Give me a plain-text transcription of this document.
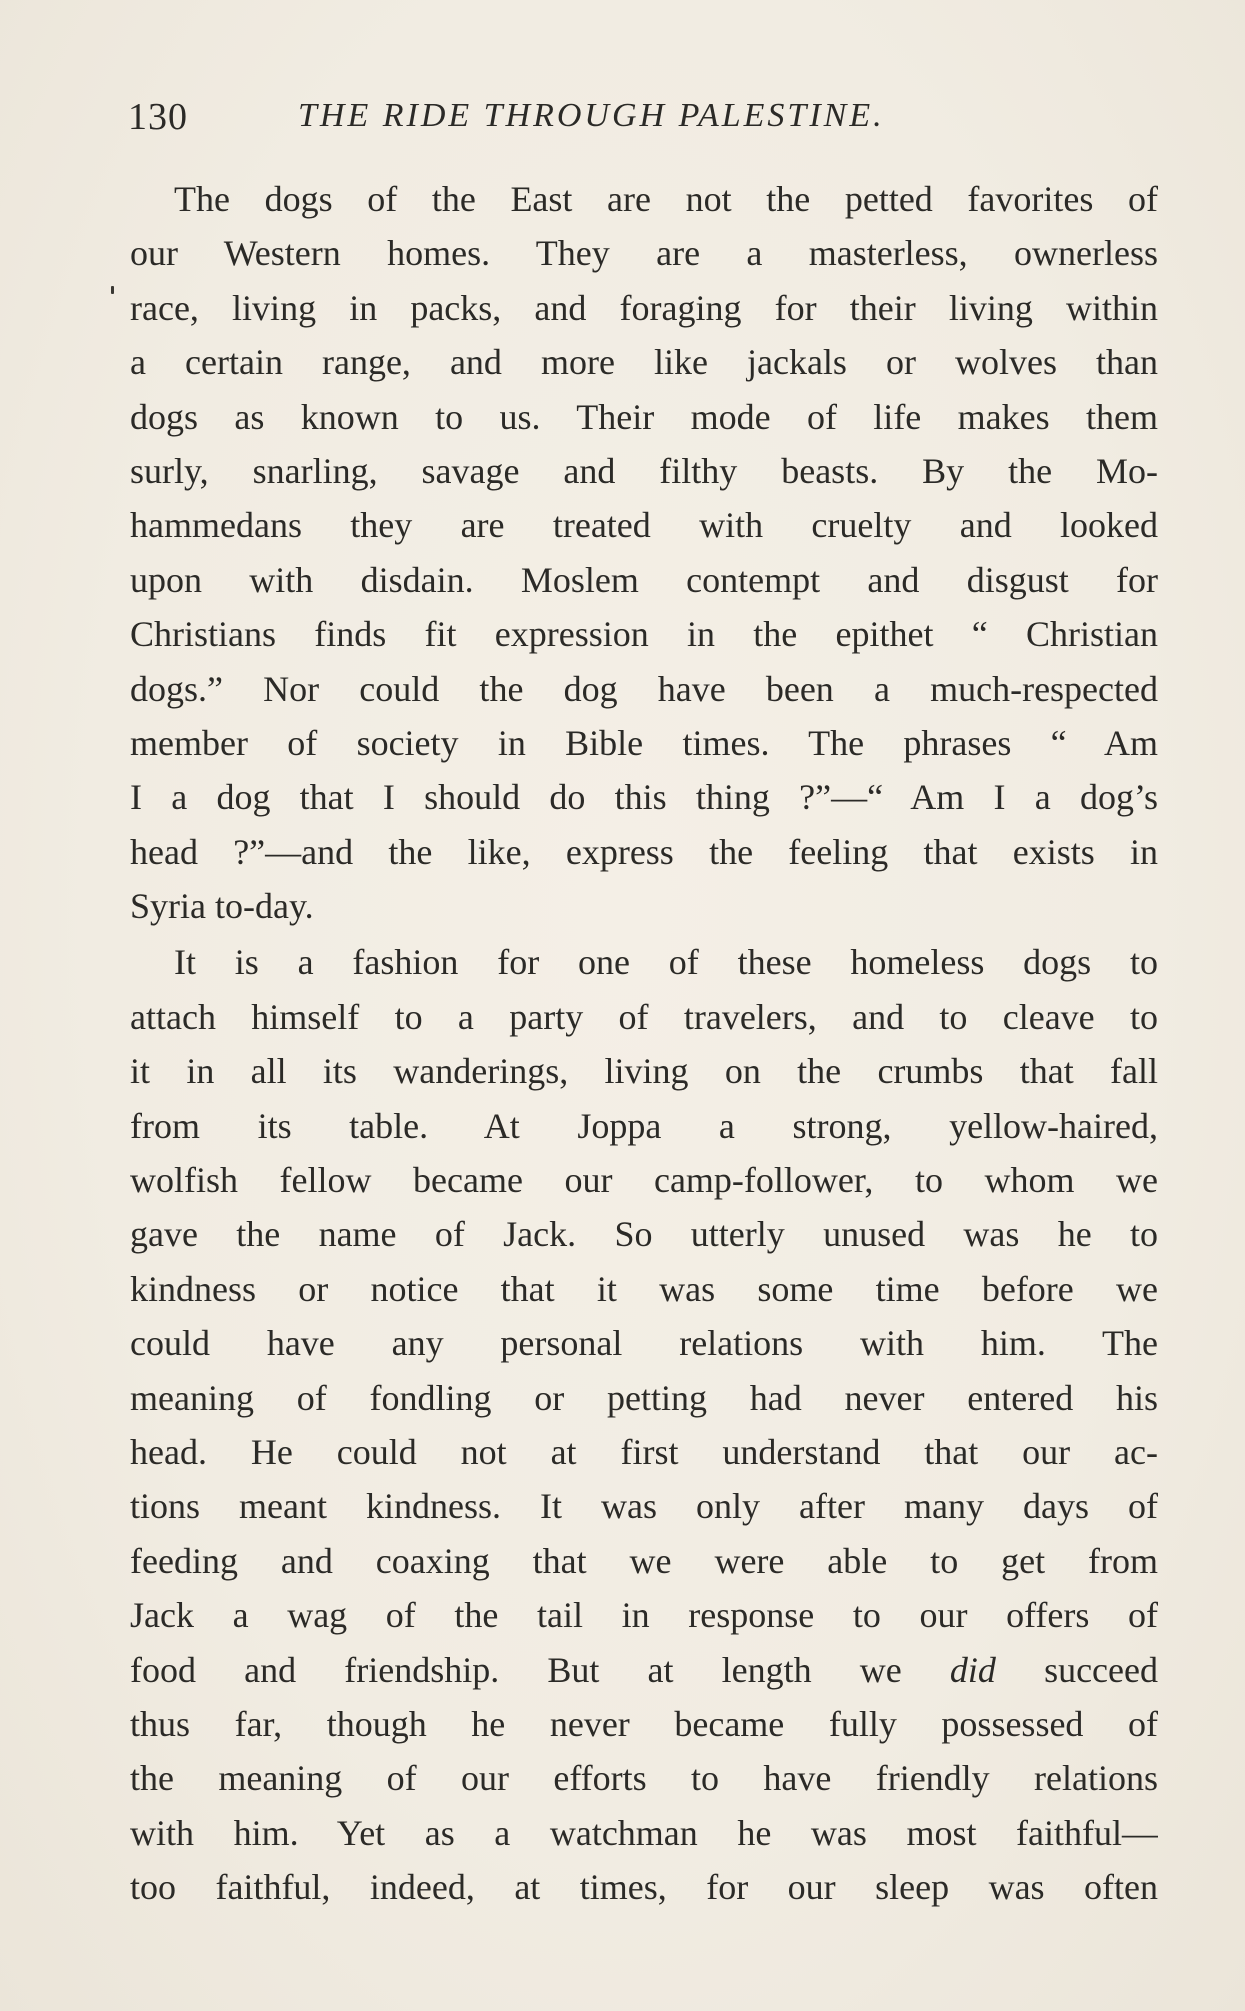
130	THE RIDE THROUGH PALESTINE.
The dogs of the East are not the petted favorites of
our Western homes. They are a masterless, ownerless
race, living in packs, and foraging for their living within
a certain range, and more like jackals or wolves than
dogs as known to us. Their mode of life makes them
surly, snarling, savage and filthy beasts. By the Mo-
hammedans they are treated with cruelty and looked
upon with disdain. Moslem contempt and disgust for
Christians finds fit expression in the epithet “ Christian
dogs.” Nor could the dog have been a much-respected
member of society in Bible times. The phrases “ Am
I a dog that I should do this thing ?”—“ Am I a dog’s
head ?”—and the like, express the feeling that exists in
Syria to-day.
It is a fashion for one of these homeless dogs to
attach himself to a party of travelers, and to cleave to
it in all its wanderings, living on the crumbs that fall
from its table. At Joppa a strong, yellow-haired,
wolfish fellow became our camp-follower, to whom we
gave the name of Jack. So utterly unused was he to
kindness or notice that it was some time before we
could have any personal relations with him. The
meaning of fondling or petting had never entered his
head. He could not at first understand that our ac-
tions meant kindness. It was only after many days of
feeding and coaxing that we were able to get from
Jack a wag of the tail in response to our offers of
food and friendship. But at length we did succeed
thus far, though he never became fully possessed of
the meaning of our efforts to have friendly relations
with him. Yet as a watchman he was most faithful—
too faithful, indeed, at times, for our sleep was often
